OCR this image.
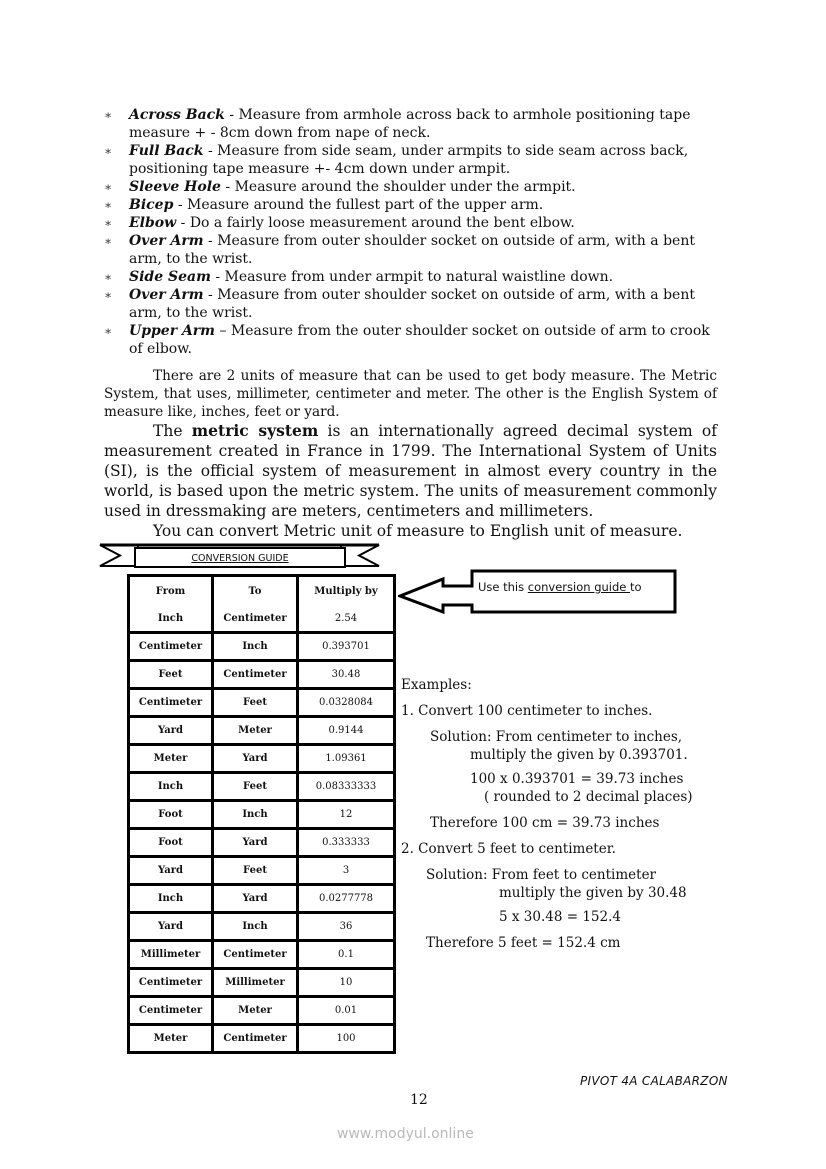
∗ Across Back - Measure from armhole across back to armhole positioning tape measure + - 8cm down from nape of neck.
∗ Full Back - Measure from side seam, under armpits to side seam across back, positioning tape measure +- 4cm down under armpit.
∗ Sleeve Hole - Measure around the shoulder under the armpit.
∗ Bicep - Measure around the fullest part of the upper arm.
∗ Elbow - Do a fairly loose measurement around the bent elbow.
∗ Over Arm - Measure from outer shoulder socket on outside of arm, with a bent arm, to the wrist.
∗ Side Seam - Measure from under armpit to natural waistline down.
∗ Over Arm - Measure from outer shoulder socket on outside of arm, with a bent arm, to the wrist.
∗ Upper Arm – Measure from the outer shoulder socket on outside of arm to crook of elbow.

There are 2 units of measure that can be used to get body measure. The Metric System, that uses, millimeter, centimeter and meter. The other is the English System of measure like, inches, feet or yard.

The metric system is an internationally agreed decimal system of measurement created in France in 1799. The International System of Units (SI), is the official system of measurement in almost every country in the world, is based upon the metric system. The units of measurement commonly used in dressmaking are meters, centimeters and millimeters.
You can convert Metric unit of measure to English unit of measure.

CONVERSION GUIDE
From	To	Multiply by
Inch	Centimeter	2.54
Centimeter	Inch	0.393701
Feet	Centimeter	30.48
Centimeter	Feet	0.0328084
Yard	Meter	0.9144
Meter	Yard	1.09361
Inch	Feet	0.08333333
Foot	Inch	12
Foot	Yard	0.333333
Yard	Feet	3
Inch	Yard	0.0277778
Yard	Inch	36
Millimeter	Centimeter	0.1
Centimeter	Millimeter	10
Centimeter	Meter	0.01
Meter	Centimeter	100
Use this conversion guide to
Examples:
1. Convert 100 centimeter to inches.
Solution: From centimeter to inches,
multiply the given by 0.393701.
100 x 0.393701 = 39.73 inches
( rounded to 2 decimal places)
Therefore 100 cm = 39.73 inches
2. Convert 5 feet to centimeter.
Solution: From feet to centimeter
multiply the given by 30.48
5 x 30.48 = 152.4
Therefore 5 feet = 152.4 cm
PIVOT 4A CALABARZON
12
www.modyul.online
